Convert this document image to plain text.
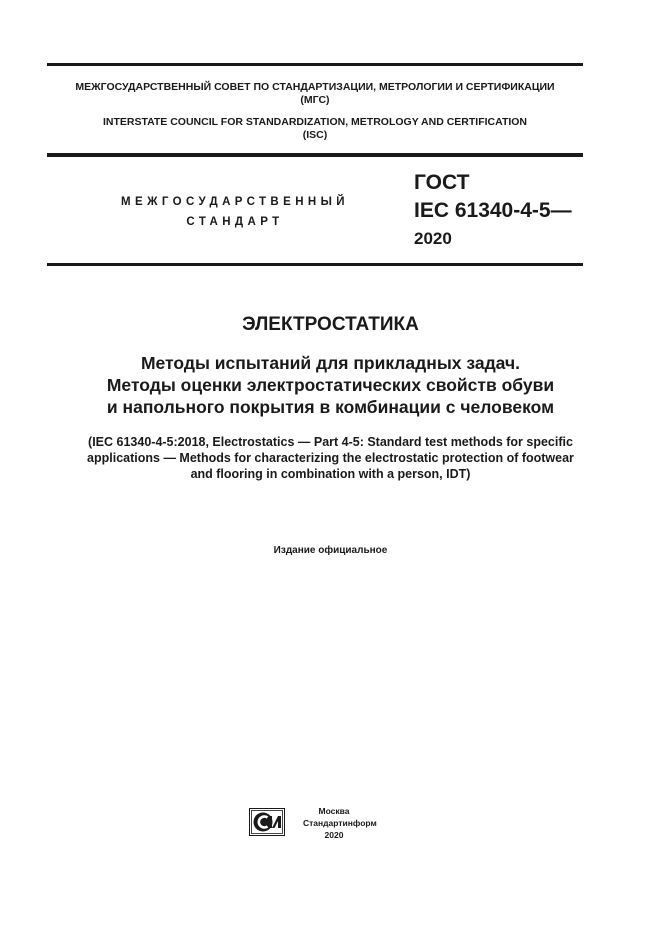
МЕЖГОСУДАРСТВЕННЫЙ СОВЕТ ПО СТАНДАРТИЗАЦИИ, МЕТРОЛОГИИ И СЕРТИФИКАЦИИ
(МГС)
INTERSTATE COUNCIL FOR STANDARDIZATION, METROLOGY AND CERTIFICATION
(ISC)
МЕЖГОСУДАРСТВЕННЫЙ
СТАНДАРТ
ГОСТ
IEC 61340-4-5—
2020
ЭЛЕКТРОСТАТИКА
Методы испытаний для прикладных задач.
Методы оценки электростатических свойств обуви
и напольного покрытия в комбинации с человеком
(IEC 61340-4-5:2018, Electrostatics — Part 4-5: Standard test methods for specific
applications — Methods for characterizing the electrostatic protection of footwear
and flooring in combination with a person, IDT)
Издание официальное
Москва
Стандартинформ
2020
